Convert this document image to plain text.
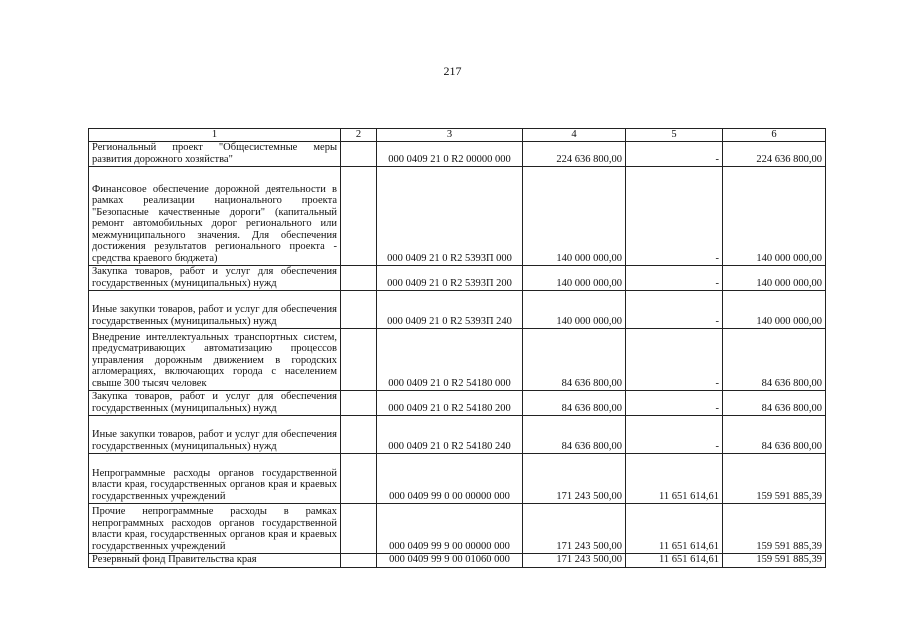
217
1	2	3	4	5	6
Региональный проект "Общесистемные меры развития дорожного хозяйства"		000 0409 21 0 R2 00000 000	224 636 800,00	-	224 636 800,00
Финансовое обеспечение дорожной деятельности в рамках реализации национального проекта "Безопасные качественные дороги" (капитальный ремонт автомобильных дорог регионального или межмуниципального значения. Для обеспечения достижения результатов регионального проекта - средства краевого бюджета)		000 0409 21 0 R2 5393П 000	140 000 000,00	-	140 000 000,00
Закупка товаров, работ и услуг для обеспечения государственных (муниципальных) нужд		000 0409 21 0 R2 5393П 200	140 000 000,00	-	140 000 000,00
Иные закупки товаров, работ и услуг для обеспечения государственных (муниципальных) нужд		000 0409 21 0 R2 5393П 240	140 000 000,00	-	140 000 000,00
Внедрение интеллектуальных транспортных систем, предусматривающих автоматизацию процессов управления дорожным движением в городских агломерациях, включающих города с населением свыше 300 тысяч человек		000 0409 21 0 R2 54180 000	84 636 800,00	-	84 636 800,00
Закупка товаров, работ и услуг для обеспечения государственных (муниципальных) нужд		000 0409 21 0 R2 54180 200	84 636 800,00	-	84 636 800,00
Иные закупки товаров, работ и услуг для обеспечения государственных (муниципальных) нужд		000 0409 21 0 R2 54180 240	84 636 800,00	-	84 636 800,00
Непрограммные расходы органов государственной власти края, государственных органов края и краевых государственных учреждений		000 0409 99 0 00 00000 000	171 243 500,00	11 651 614,61	159 591 885,39
Прочие непрограммные расходы в рамках непрограммных расходов органов государственной власти края, государственных органов края и краевых государственных учреждений		000 0409 99 9 00 00000 000	171 243 500,00	11 651 614,61	159 591 885,39
Резервный фонд Правительства края		000 0409 99 9 00 01060 000	171 243 500,00	11 651 614,61	159 591 885,39
